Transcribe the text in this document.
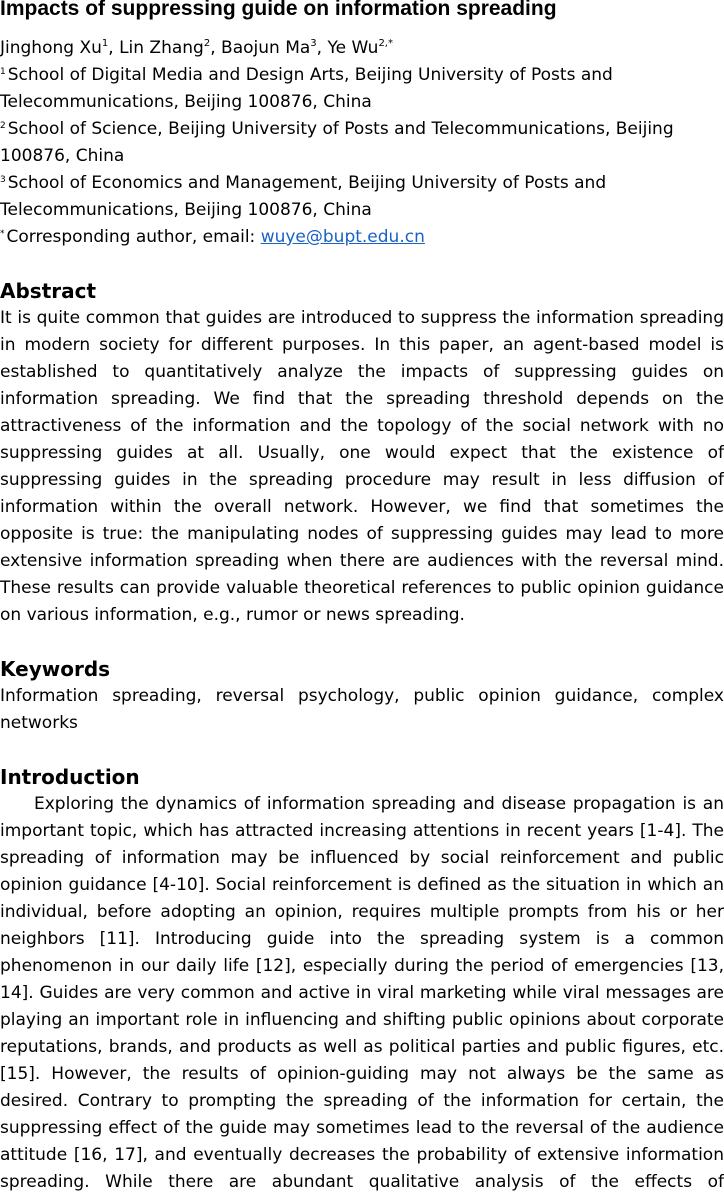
Impacts of suppressing guide on information spreading

Jinghong Xu$^1$, Lin Zhang$^2$, Baojun Ma$^3$, Ye $Wu^{2,*}$

$^1$ School of Digital Media and Design Arts, Beijing University of Posts and Telecommunications, Beijing 100876, China

$^2$ School of Science, Beijing University of Posts and Telecommunications, Beijing 100876, China

$^3$ School of Economics and Management, Beijing University of Posts and Telecommunications, Beijing 100876, China

* Corresponding author, email: wuye@bupt.edu.cn

Abstract

It is quite common that guides are introduced to suppress the information spreading in modern society for different purposes. In this paper, an agent-based model is established to quantitatively analyze the impacts of suppressing guides on information spreading. We find that the spreading threshold depends on the attractiveness of the information and the topology of the social network with no suppressing guides at all. Usually, one would expect that the existence of suppressing guides in the spreading procedure may result in less diffusion of information within the overall network. However, we find that sometimes the opposite is true: the manipulating nodes of suppressing guides may lead to more extensive information spreading when there are audiences with the reversal mind. These results can provide valuable theoretical references to public opinion guidance on various information, e.g., rumor or news spreading.

Keywords

Information spreading, reversal psychology, public opinion guidance, complex networks

Introduction

Exploring the dynamics of information spreading and disease propagation is an important topic, which has attracted increasing attentions in recent years [1-4]. The spreading of information may be influenced by social reinforcement and public opinion guidance [4-10]. Social reinforcement is defined as the situation in which an individual, before adopting an opinion, requires multiple prompts from his or her neighbors [11]. Introducing guide into the spreading system is a common phenomenon in our daily life [12], especially during the period of emergencies [13, 14]. Guides are very common and active in viral marketing while viral messages are playing an important role in influencing and shifting public opinions about corporate reputations, brands, and products as well as political parties and public figures, etc. [15]. However, the results of opinion-guiding may not always be the same as desired. Contrary to prompting the spreading of the information for certain, the suppressing effect of the guide may sometimes lead to the reversal of the audience attitude [16, 17], and eventually decreases the probability of extensive information spreading. While there are abundant qualitative analysis of the effects of
